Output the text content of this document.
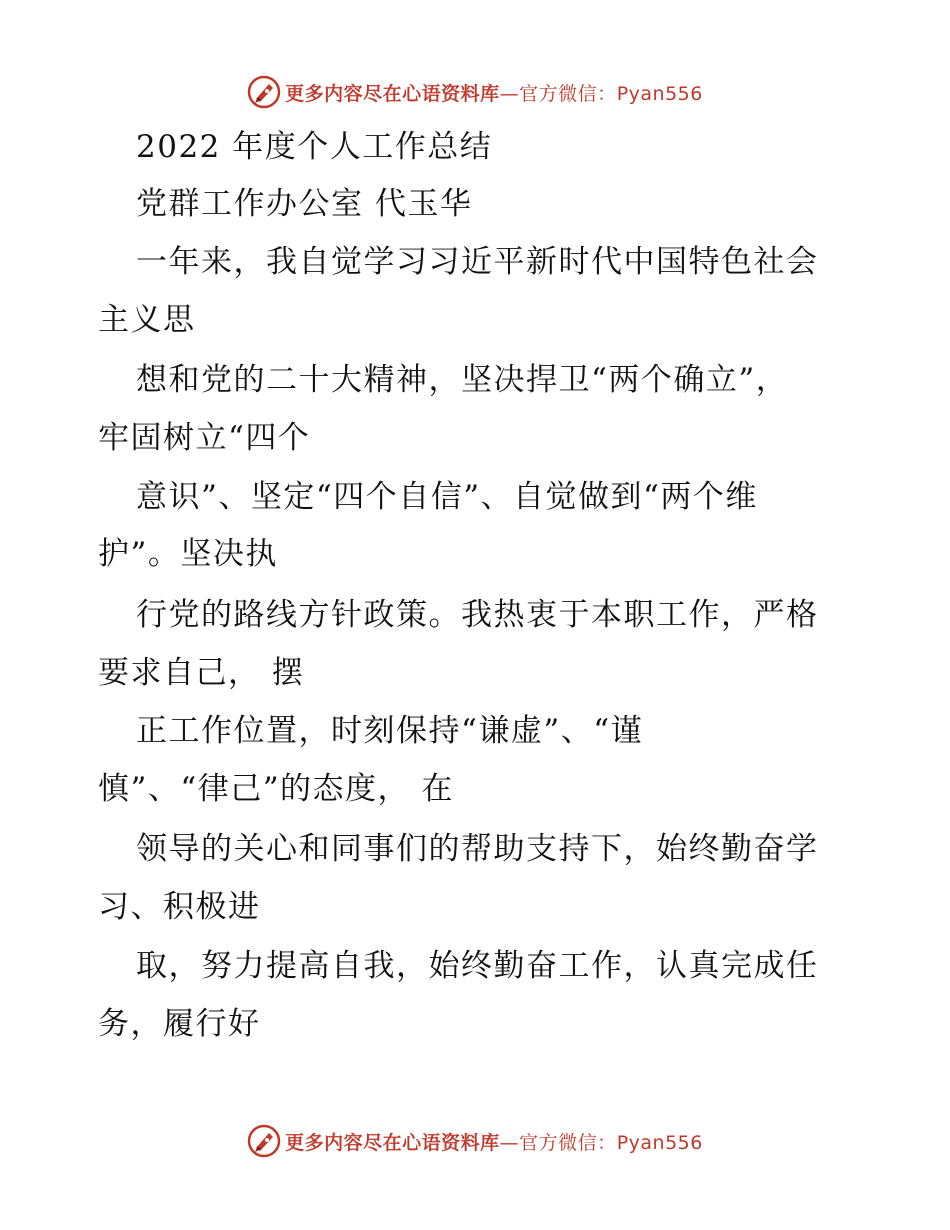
更多内容尽在心语资料库—官方微信：Pyan556
2022 年度个人工作总结
党群工作办公室 代玉华
一年来，我自觉学习习近平新时代中国特色社会
主义思
想和党的二十大精神，坚决捍卫“两个确立”，
牢固树立“四个
意识”、坚定“四个自信”、自觉做到“两个维
护”。坚决执
行党的路线方针政策。我热衷于本职工作，严格
要求自己， 摆
正工作位置，时刻保持“谦虚”、“谨
慎”、“律己”的态度， 在
领导的关心和同事们的帮助支持下，始终勤奋学
习、积极进
取，努力提高自我，始终勤奋工作，认真完成任
务，履行好
更多内容尽在心语资料库—官方微信：Pyan556
